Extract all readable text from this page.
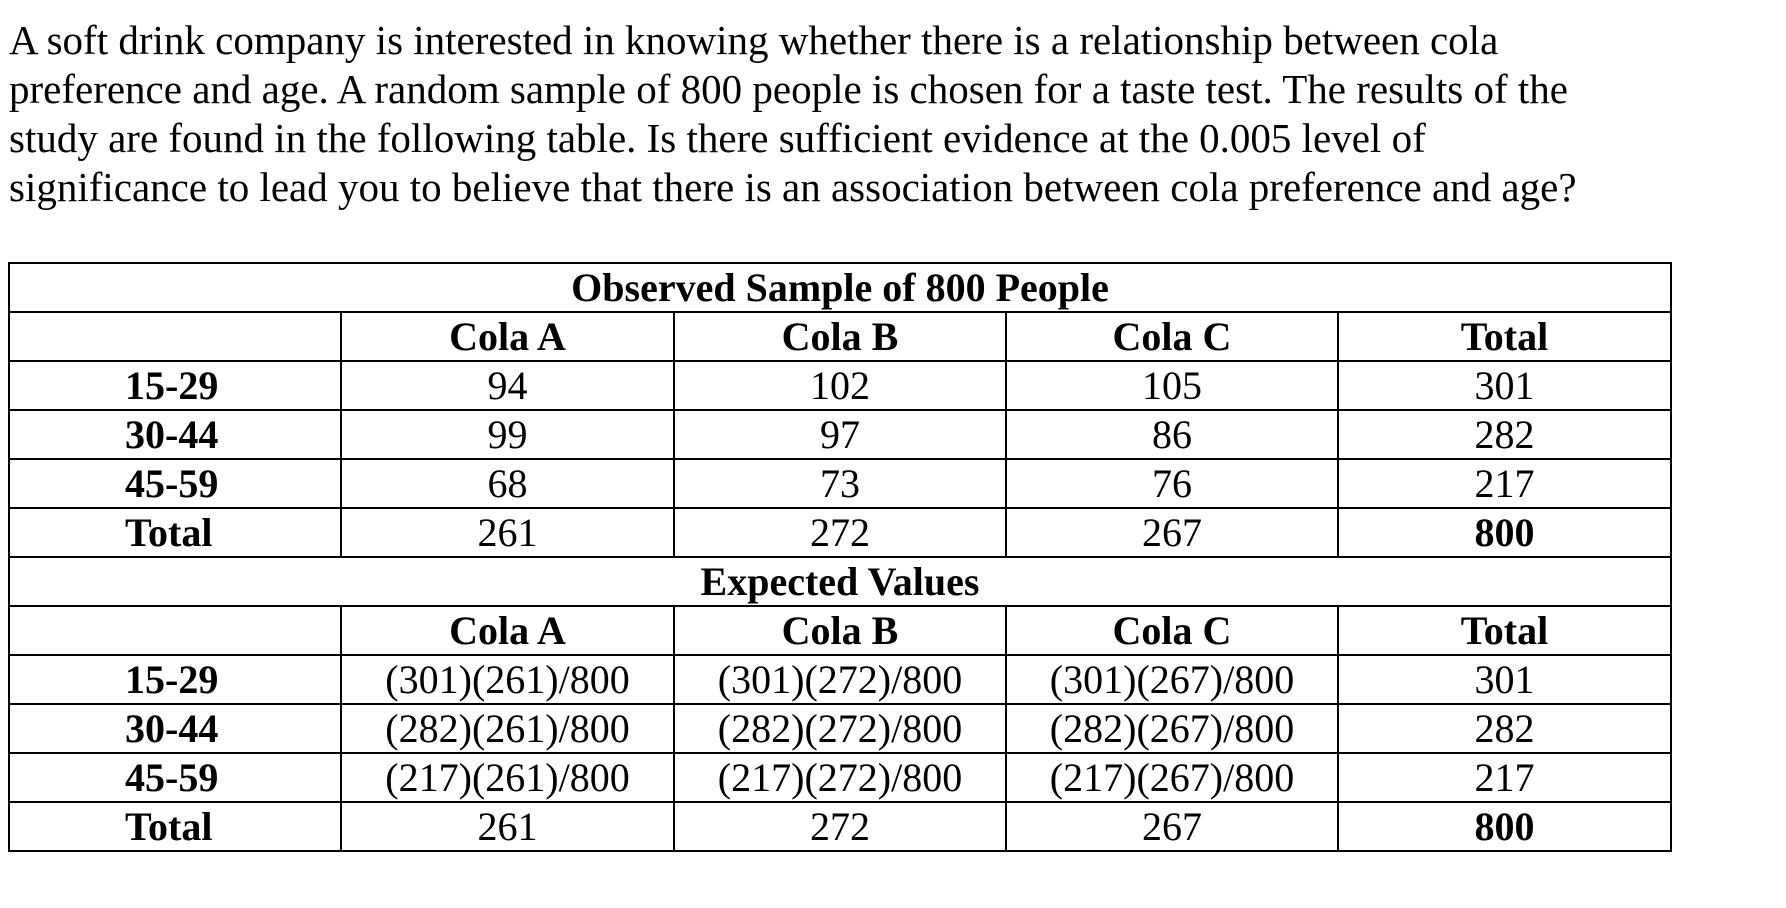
A soft drink company is interested in knowing whether there is a relationship between cola
preference and age. A random sample of 800 people is chosen for a taste test. The results of the
study are found in the following table. Is there sufficient evidence at the 0.005 level of
significance to lead you to believe that there is an association between cola preference and age?
Observed Sample of 800 People				
	Cola A	Cola B	Cola C	Total
15-29	94	102	105	301
30-44	99	97	86	282
45-59	68	73	76	217
Total	261	272	267	800
Expected Values				
	Cola A	Cola B	Cola C	Total
15-29	(301)(261)/800	(301)(272)/800	(301)(267)/800	301
30-44	(282)(261)/800	(282)(272)/800	(282)(267)/800	282
45-59	(217)(261)/800	(217)(272)/800	(217)(267)/800	217
Total	261	272	267	800
